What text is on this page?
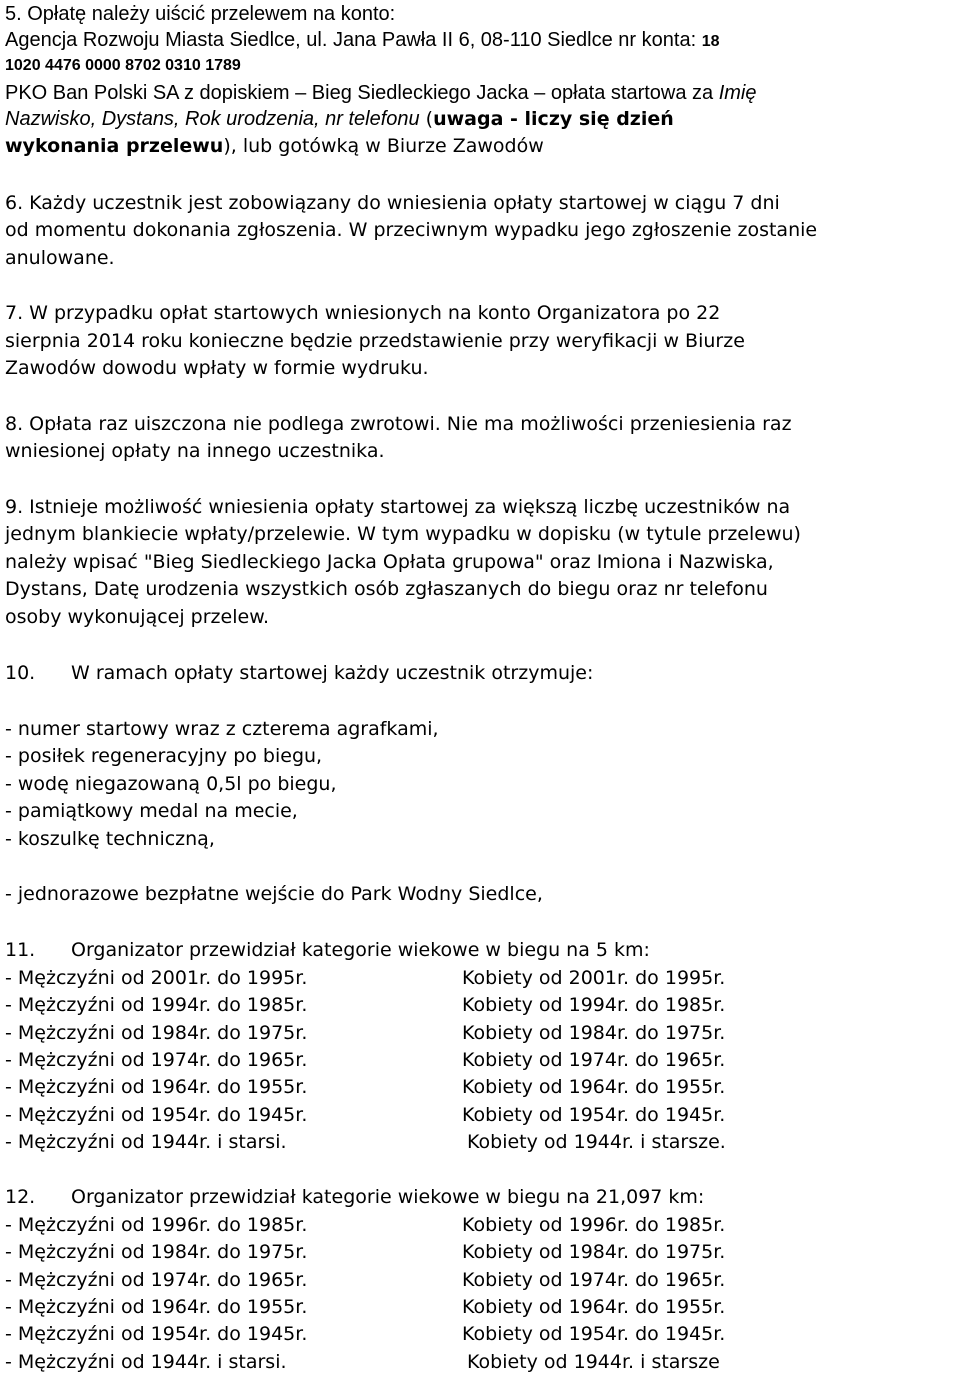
5. Opłatę należy uiścić przelewem na konto:
Agencja Rozwoju Miasta Siedlce, ul. Jana Pawła II 6, 08-110 Siedlce nr konta: 18
1020 4476 0000 8702 0310 1789
PKO Ban Polski SA z dopiskiem – Bieg Siedleckiego Jacka – opłata startowa za Imię
Nazwisko, Dystans, Rok urodzenia, nr telefonu (uwaga - liczy się dzień
wykonania przelewu), lub gotówką w Biurze Zawodów
6. Każdy uczestnik jest zobowiązany do wniesienia opłaty startowej w ciągu 7 dni
od momentu dokonania zgłoszenia. W przeciwnym wypadku jego zgłoszenie zostanie
anulowane.
7. W przypadku opłat startowych wniesionych na konto Organizatora po 22
sierpnia 2014 roku konieczne będzie przedstawienie przy weryfikacji w Biurze
Zawodów dowodu wpłaty w formie wydruku.
8. Opłata raz uiszczona nie podlega zwrotowi. Nie ma możliwości przeniesienia raz
wniesionej opłaty na innego uczestnika.
9. Istnieje możliwość wniesienia opłaty startowej za większą liczbę uczestników na
jednym blankiecie wpłaty/przelewie. W tym wypadku w dopisku (w tytule przelewu)
należy wpisać "Bieg Siedleckiego Jacka Opłata grupowa" oraz Imiona i Nazwiska,
Dystans, Datę urodzenia wszystkich osób zgłaszanych do biegu oraz nr telefonu
osoby wykonującej przelew.
10. W ramach opłaty startowej każdy uczestnik otrzymuje:
- numer startowy wraz z czterema agrafkami,
- posiłek regeneracyjny po biegu,
- wodę niegazowaną 0,5l po biegu,
- pamiątkowy medal na mecie,
- koszulkę techniczną,
- jednorazowe bezpłatne wejście do Park Wodny Siedlce,
11. Organizator przewidział kategorie wiekowe w biegu na 5 km:
- Mężczyźni od 2001r. do 1995r.	Kobiety od 2001r. do 1995r.
- Mężczyźni od 1994r. do 1985r.	Kobiety od 1994r. do 1985r.
- Mężczyźni od 1984r. do 1975r.	Kobiety od 1984r. do 1975r.
- Mężczyźni od 1974r. do 1965r.	Kobiety od 1974r. do 1965r.
- Mężczyźni od 1964r. do 1955r.	Kobiety od 1964r. do 1955r.
- Mężczyźni od 1954r. do 1945r.	Kobiety od 1954r. do 1945r.
- Mężczyźni od 1944r. i starsi.	Kobiety od 1944r. i starsze.
12. Organizator przewidział kategorie wiekowe w biegu na 21,097 km:
- Mężczyźni od 1996r. do 1985r.	Kobiety od 1996r. do 1985r.
- Mężczyźni od 1984r. do 1975r.	Kobiety od 1984r. do 1975r.
- Mężczyźni od 1974r. do 1965r.	Kobiety od 1974r. do 1965r.
- Mężczyźni od 1964r. do 1955r.	Kobiety od 1964r. do 1955r.
- Mężczyźni od 1954r. do 1945r.	Kobiety od 1954r. do 1945r.
- Mężczyźni od 1944r. i starsi.	Kobiety od 1944r. i starsze
